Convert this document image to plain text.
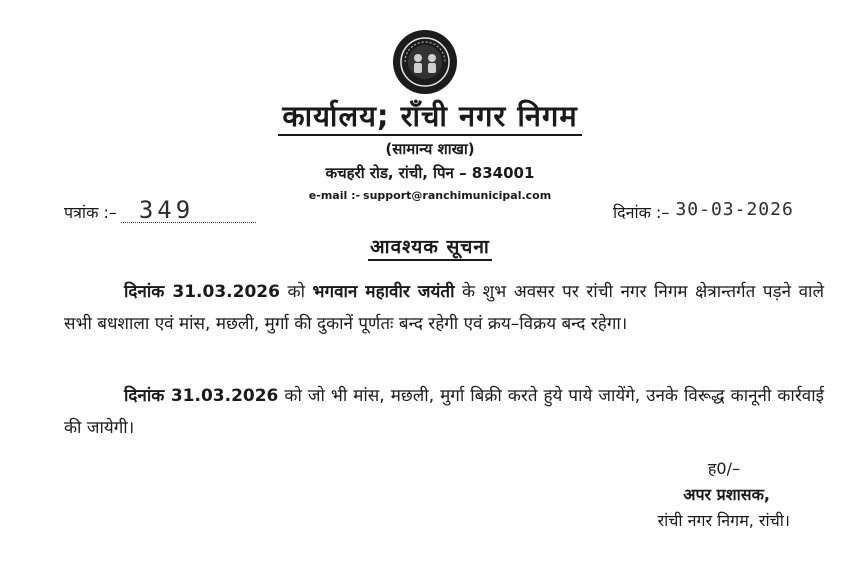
कार्यालय; राँची नगर निगम
(सामान्य शाखा)
कचहरी रोड, रांची, पिन – 834001
e-mail :- support@ranchimunicipal.com
पत्रांक :– 349	दिनांक :– 30-03-2026
आवश्यक सूचना
दिनांक 31.03.2026 को भगवान महावीर जयंती के शुभ अवसर पर रांची नगर निगम क्षेत्रान्तर्गत पड़ने वाले सभी बधशाला एवं मांस, मछली, मुर्गा की दुकानें पूर्णतः बन्द रहेगी एवं क्रय–विक्रय बन्द रहेगा।
दिनांक 31.03.2026 को जो भी मांस, मछली, मुर्गा बिक्री करते हुये पाये जायेंगे, उनके विरूद्ध कानूनी कार्रवाई की जायेगी।
ह0/–
अपर प्रशासक,
रांची नगर निगम, रांची।
